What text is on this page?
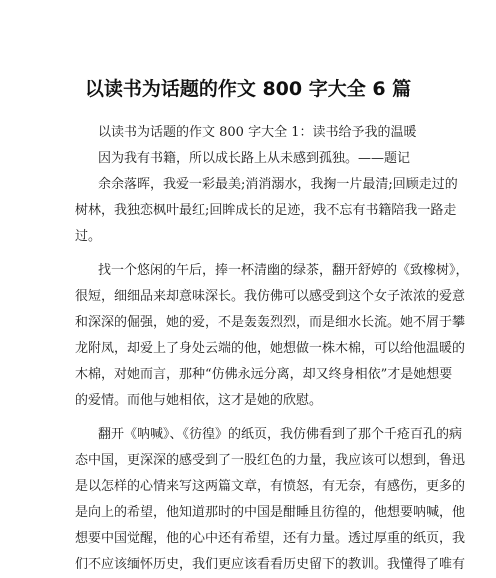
以读书为话题的作文 800 字大全 6 篇
以读书为话题的作文 800 字大全 1：读书给予我的温暖
因为我有书籍，所以成长路上从未感到孤独。——题记
余余落晖，我爱一彩最美;消消溺水，我掬一片最清;回顾走过的
树林，我独恋枫叶最红;回眸成长的足迹，我不忘有书籍陪我一路走
过。
找一个悠闲的午后，捧一杯清幽的绿茶，翻开舒婷的《致橡树》，
很短，细细品来却意味深长。我仿佛可以感受到这个女子浓浓的爱意
和深深的倔强，她的爱，不是轰轰烈烈，而是细水长流。她不屑于攀
龙附凤，却爱上了身处云端的他，她想做一株木棉，可以给他温暖的
木棉，对她而言，那种“仿佛永远分离，却又终身相依”才是她想要
的爱情。而他与她相依，这才是她的欣慰。
翻开《呐喊》、《彷徨》的纸页，我仿佛看到了那个千疮百孔的病
态中国，更深深的感受到了一股红色的力量，我应该可以想到，鲁迅
是以怎样的心情来写这两篇文章，有愤怒，有无奈，有感伤，更多的
是向上的希望，他知道那时的中国是酣睡且彷徨的，他想要呐喊，他
想要中国觉醒，他的心中还有希望，还有力量。透过厚重的纸页，我
们不应该缅怀历史，我们更应该看看历史留下的教训。我懂得了唯有
